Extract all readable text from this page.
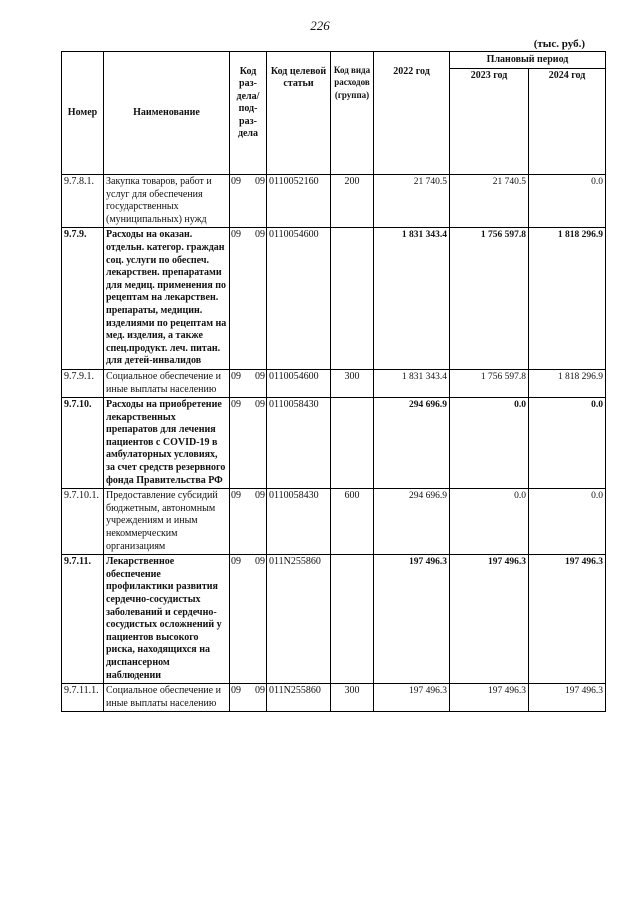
226
(тыс. руб.)
Номер	Наименование	Код раз-дела/ под-раз-дела	Код целевой статьи	Код вида расходов (группа)	2022 год	Плановый период	
						2023 год	2024 год
9.7.8.1.	Закупка товаров, работ и услуг для обеспечения государственных (муниципальных) нужд	09 09	0110052160	200	21 740.5	21 740.5	0.0
9.7.9.	Расходы на оказан. отдельн. категор. граждан соц. услуги по обеспеч. лекарствен. препаратами для медиц. применения по рецептам на лекарствен. препараты, медицин. изделиями по рецептам на мед. изделия, а также спец.продукт. леч. питан. для детей-инвалидов	09 09	0110054600		1 831 343.4	1 756 597.8	1 818 296.9
9.7.9.1.	Социальное обеспечение и иные выплаты населению	09 09	0110054600	300	1 831 343.4	1 756 597.8	1 818 296.9
9.7.10.	Расходы на приобретение лекарственных препаратов для лечения пациентов с COVID-19 в амбулаторных условиях, за счет средств резервного фонда Правительства РФ	09 09	0110058430		294 696.9	0.0	0.0
9.7.10.1.	Предоставление субсидий бюджетным, автономным учреждениям и иным некоммерческим организациям	09 09	0110058430	600	294 696.9	0.0	0.0
9.7.11.	Лекарственное обеспечение профилактики развития сердечно-сосудистых заболеваний и сердечно-сосудистых осложнений у пациентов высокого риска, находящихся на диспансерном наблюдении	09 09	011N255860		197 496.3	197 496.3	197 496.3
9.7.11.1.	Социальное обеспечение и иные выплаты населению	09 09	011N255860	300	197 496.3	197 496.3	197 496.3
